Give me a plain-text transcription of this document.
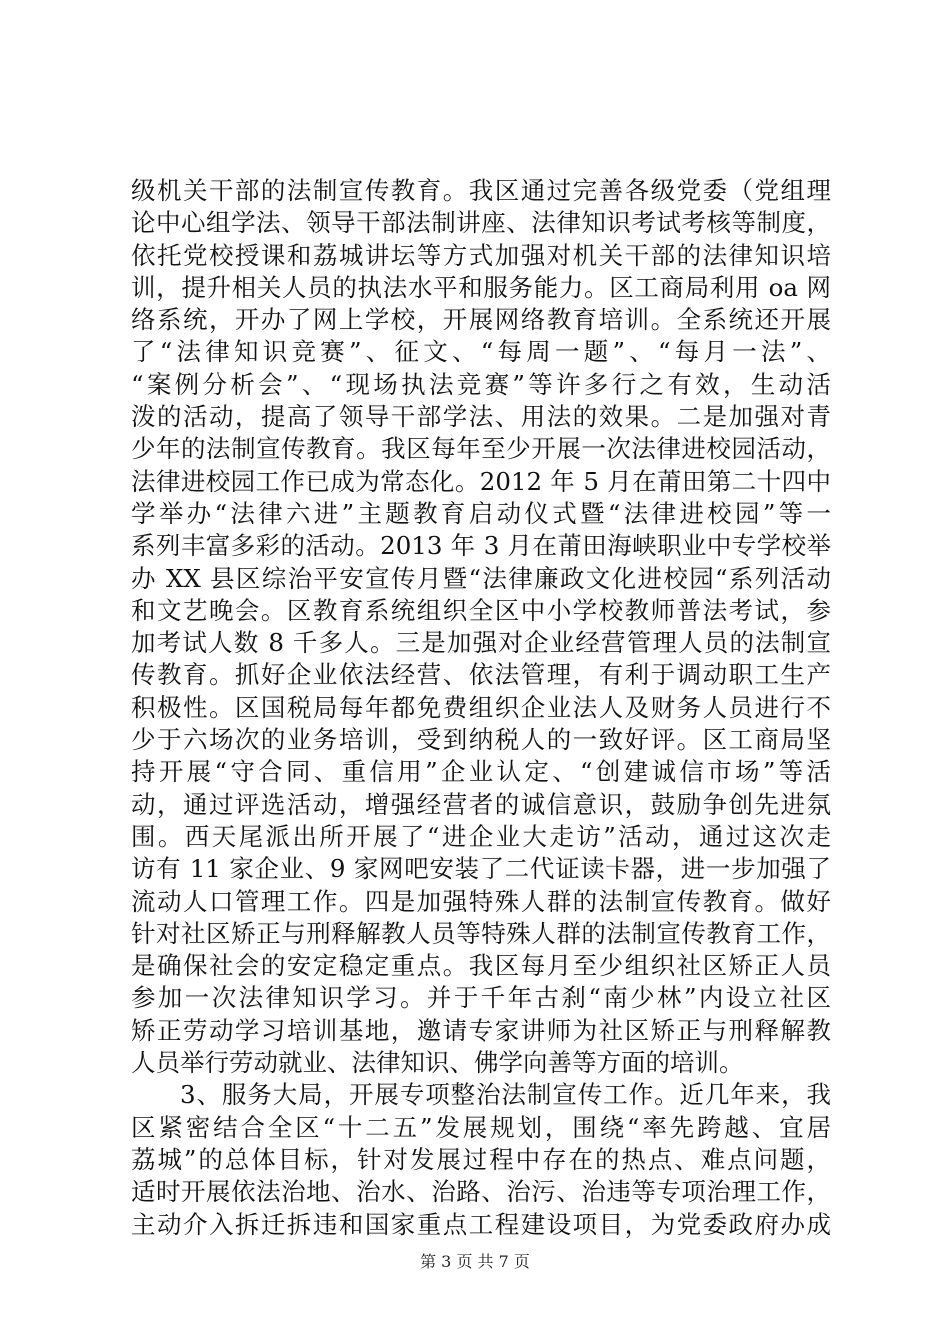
级机关干部的法制宣传教育。我区通过完善各级党委（党组理
论中心组学法、领导干部法制讲座、法律知识考试考核等制度，
依托党校授课和荔城讲坛等方式加强对机关干部的法律知识培
训，提升相关人员的执法水平和服务能力。区工商局利用 oa 网
络系统，开办了网上学校，开展网络教育培训。全系统还开展
了“法律知识竞赛”、征文、“每周一题”、“每月一法”、
“案例分析会”、“现场执法竞赛”等许多行之有效，生动活
泼的活动，提高了领导干部学法、用法的效果。二是加强对青
少年的法制宣传教育。我区每年至少开展一次法律进校园活动，
法律进校园工作已成为常态化。2012 年 5 月在莆田第二十四中
学举办“法律六进”主题教育启动仪式暨“法律进校园”等一
系列丰富多彩的活动。2013 年 3 月在莆田海峡职业中专学校举
办 XX 县区综治平安宣传月暨“法律廉政文化进校园“系列活动
和文艺晚会。区教育系统组织全区中小学校教师普法考试，参
加考试人数 8 千多人。三是加强对企业经营管理人员的法制宣
传教育。抓好企业依法经营、依法管理，有利于调动职工生产
积极性。区国税局每年都免费组织企业法人及财务人员进行不
少于六场次的业务培训，受到纳税人的一致好评。区工商局坚
持开展“守合同、重信用”企业认定、“创建诚信市场”等活
动，通过评选活动，增强经营者的诚信意识，鼓励争创先进氛
围。西天尾派出所开展了“进企业大走访”活动，通过这次走
访有 11 家企业、9 家网吧安装了二代证读卡器，进一步加强了
流动人口管理工作。四是加强特殊人群的法制宣传教育。做好
针对社区矫正与刑释解教人员等特殊人群的法制宣传教育工作，
是确保社会的安定稳定重点。我区每月至少组织社区矫正人员
参加一次法律知识学习。并于千年古刹“南少林”内设立社区
矫正劳动学习培训基地，邀请专家讲师为社区矫正与刑释解教
人员举行劳动就业、法律知识、佛学向善等方面的培训。
3、服务大局，开展专项整治法制宣传工作。近几年来，我
区紧密结合全区“十二五”发展规划，围绕“率先跨越、宜居
荔城”的总体目标，针对发展过程中存在的热点、难点问题，
适时开展依法治地、治水、治路、治污、治违等专项治理工作，
主动介入拆迁拆违和国家重点工程建设项目，为党委政府办成
第 3 页 共 7 页
